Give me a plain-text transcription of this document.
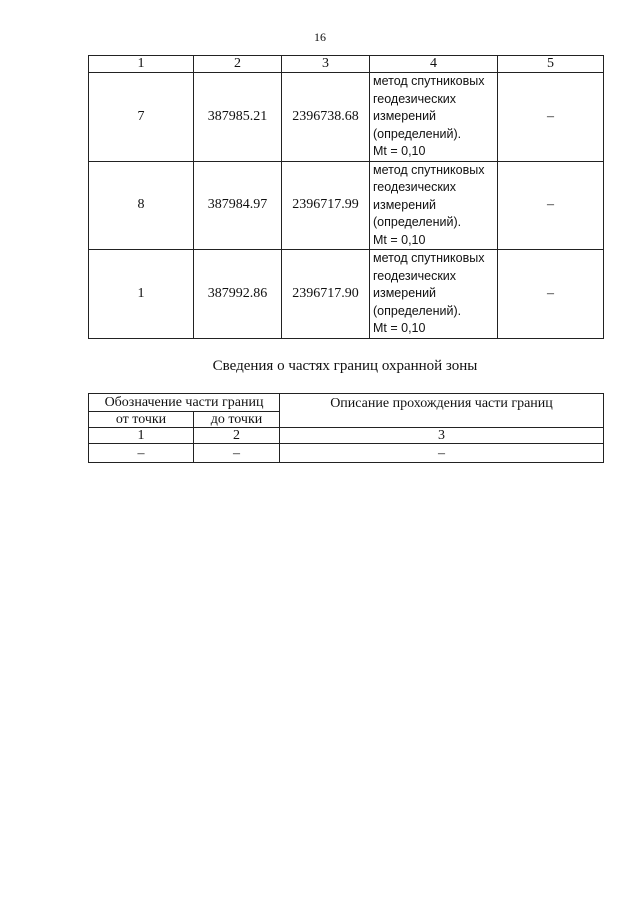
16
1	2	3	4	5
7	387985.21	2396738.68	метод спутниковых
геодезических
измерений
(определений).
Mt = 0,10	–
8	387984.97	2396717.99	метод спутниковых
геодезических
измерений
(определений).
Mt = 0,10	–
1	387992.86	2396717.90	метод спутниковых
геодезических
измерений
(определений).
Mt = 0,10	–
Сведения о частях границ охранной зоны
Обозначение части границ		Описание прохождения части границ
от точки	до точки	
1	2	3
–	–	–
